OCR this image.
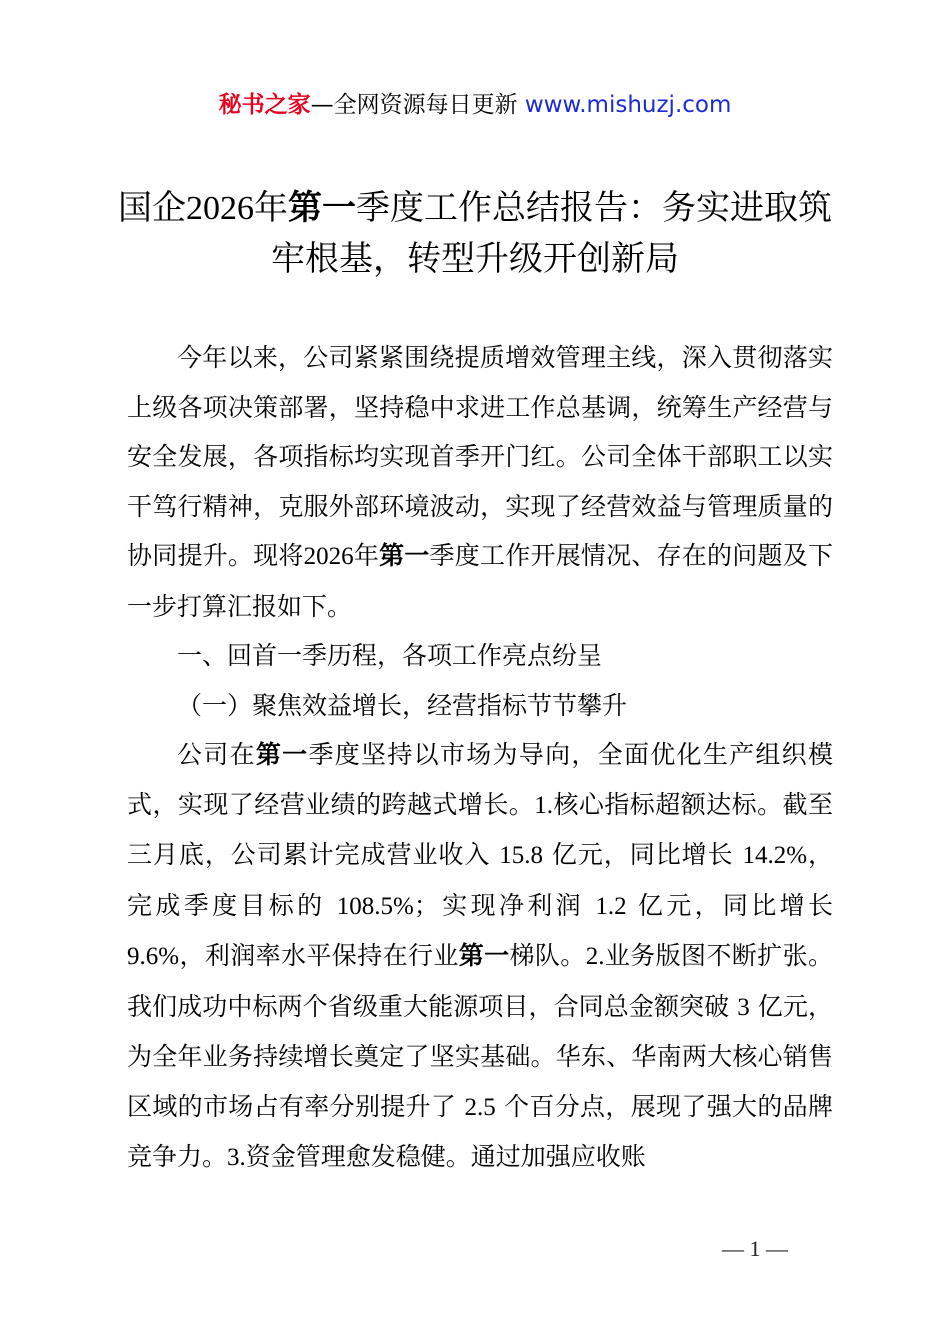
秘书之家—全网资源每日更新 www.mishuzj.com
国企2026年第一季度工作总结报告：务实进取筑牢根基，转型升级开创新局

今年以来，公司紧紧围绕提质增效管理主线，深入贯彻落实上级各项决策部署，坚持稳中求进工作总基调，统筹生产经营与安全发展，各项指标均实现首季开门红。公司全体干部职工以实干笃行精神，克服外部环境波动，实现了经营效益与管理质量的协同提升。现将2026年第一季度工作开展情况、存在的问题及下一步打算汇报如下。

一、回首一季历程，各项工作亮点纷呈

（一）聚焦效益增长，经营指标节节攀升

公司在第一季度坚持以市场为导向，全面优化生产组织模式，实现了经营业绩的跨越式增长。1.核心指标超额达标。截至三月底，公司累计完成营业收入 15.8 亿元，同比增长 14.2%，完成季度目标的 108.5%；实现净利润 1.2 亿元，同比增长 9.6%，利润率水平保持在行业第一梯队。2.业务版图不断扩张。我们成功中标两个省级重大能源项目，合同总金额突破 3 亿元，为全年业务持续增长奠定了坚实基础。华东、华南两大核心销售区域的市场占有率分别提升了 2.5 个百分点，展现了强大的品牌竞争力。3.资金管理愈发稳健。通过加强应收账

— 1 —
